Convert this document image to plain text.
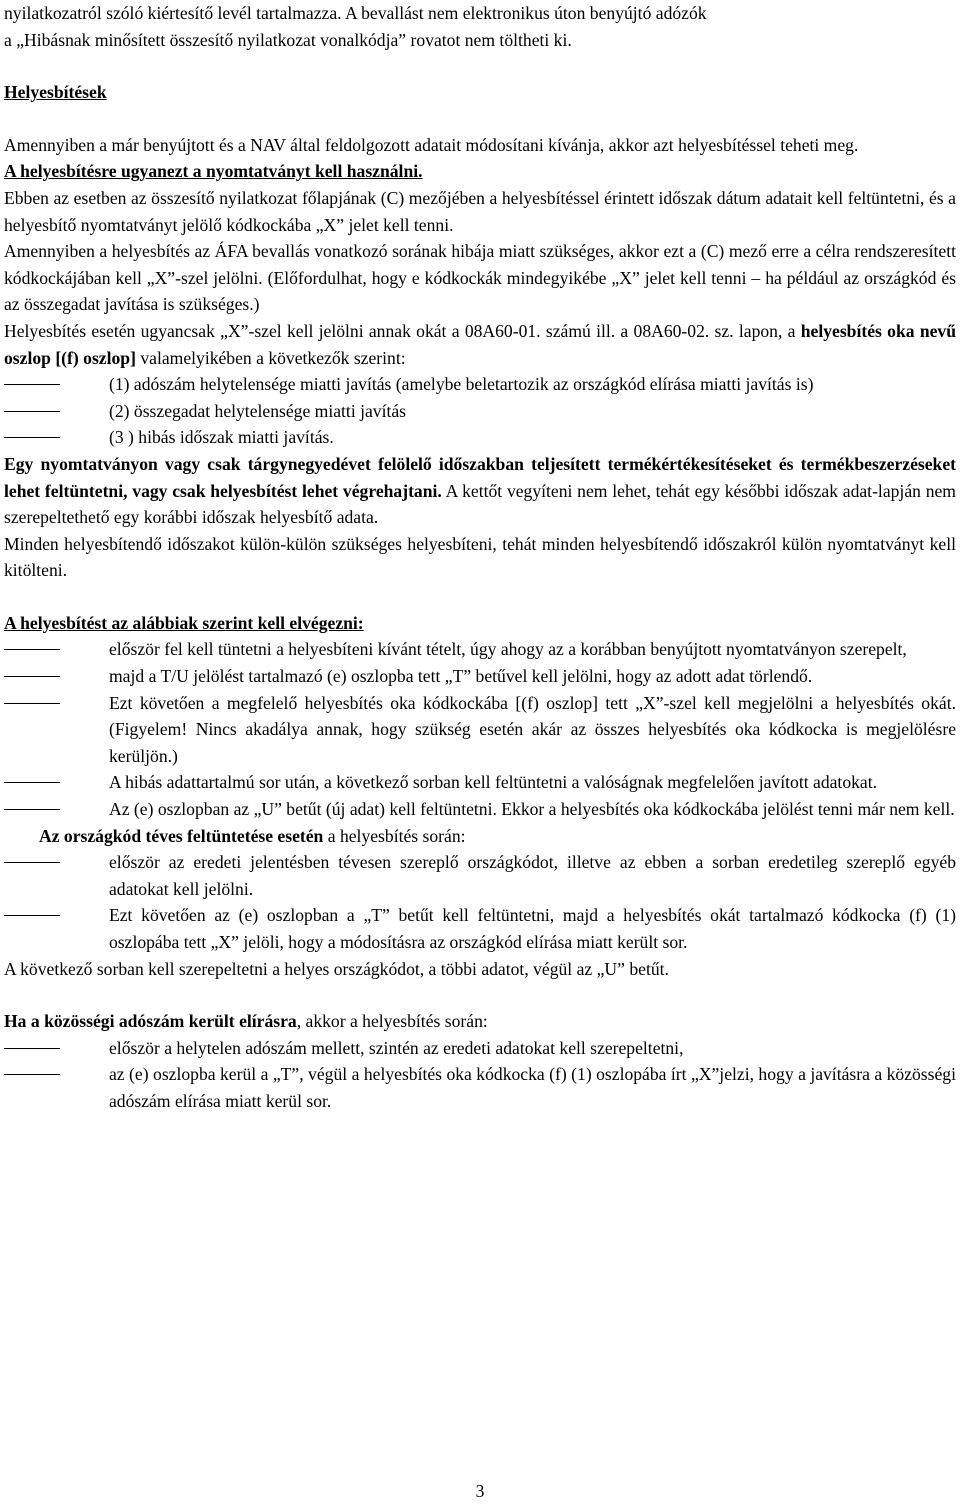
nyilatkozatról szóló kiértesítő levél tartalmazza. A bevallást nem elektronikus úton benyújtó adózók
a „Hibásnak minősített összesítő nyilatkozat vonalkódja” rovatot nem töltheti ki.

Helyesbítések

Amennyiben a már benyújtott és a NAV által feldolgozott adatait módosítani kívánja, akkor azt helyesbítéssel teheti meg.
A helyesbítésre ugyanezt a nyomtatványt kell használni.

Ebben az esetben az összesítő nyilatkozat főlapjának (C) mezőjében a helyesbítéssel érintett időszak dátum adatait kell feltüntetni, és a helyesbítő nyomtatványt jelölő kódkockába „X” jelet kell tenni.

Amennyiben a helyesbítés az ÁFA bevallás vonatkozó sorának hibája miatt szükséges, akkor ezt a (C) mező erre a célra rendszeresített kódkockájában kell „X”-szel jelölni. (Előfordulhat, hogy e kódkockák mindegyikébe „X” jelet kell tenni – ha például az országkód és az összegadat javítása is szükséges.)

Helyesbítés esetén ugyancsak „X”-szel kell jelölni annak okát a 08A60-01. számú ill. a 08A60-02. sz. lapon, a helyesbítés oka nevű oszlop [(f) oszlop] valamelyikében a következők szerint:

(1) adószám helytelensége miatti javítás (amelybe beletartozik az országkód elírása miatti javítás is)
(2) összegadat helytelensége miatti javítás
(3 ) hibás időszak miatti javítás.

Egy nyomtatványon vagy csak tárgynegyedévet felölelő időszakban teljesített termékértékesítéseket és termékbeszerzéseket lehet feltüntetni, vagy csak helyesbítést lehet végrehajtani. A kettőt vegyíteni nem lehet, tehát egy későbbi időszak adat-lapján nem szerepeltethető egy korábbi időszak helyesbítő adata.

Minden helyesbítendő időszakot külön-külön szükséges helyesbíteni, tehát minden helyesbítendő időszakról külön nyomtatványt kell kitölteni.

A helyesbítést az alábbiak szerint kell elvégezni:

először fel kell tüntetni a helyesbíteni kívánt tételt, úgy ahogy az a korábban benyújtott nyomtatványon szerepelt,
majd a T/U jelölést tartalmazó (e) oszlopba tett „T” betűvel kell jelölni, hogy az adott adat törlendő.
Ezt követően a megfelelő helyesbítés oka kódkockába [(f) oszlop] tett „X”-szel kell megjelölni a helyesbítés okát. (Figyelem! Nincs akadálya annak, hogy szükség esetén akár az összes helyesbítés oka kódkocka is megjelölésre kerüljön.)
A hibás adattartalmú sor után, a következő sorban kell feltüntetni a valóságnak megfelelően javított adatokat.
Az (e) oszlopban az „U” betűt (új adat) kell feltüntetni. Ekkor a helyesbítés oka kódkockába jelölést tenni már nem kell.

Az országkód téves feltüntetése esetén a helyesbítés során:

először az eredeti jelentésben tévesen szereplő országkódot, illetve az ebben a sorban eredetileg szereplő egyéb adatokat kell jelölni.
Ezt követően az (e) oszlopban a „T” betűt kell feltüntetni, majd a helyesbítés okát tartalmazó kódkocka (f) (1) oszlopába tett „X” jelöli, hogy a módosításra az országkód elírása miatt került sor.

A következő sorban kell szerepeltetni a helyes országkódot, a többi adatot, végül az „U” betűt.

Ha a közösségi adószám került elírásra, akkor a helyesbítés során:

először a helytelen adószám mellett, szintén az eredeti adatokat kell szerepeltetni,
az (e) oszlopba kerül a „T”, végül a helyesbítés oka kódkocka (f) (1) oszlopába írt „X”jelzi, hogy a javításra a közösségi adószám elírása miatt kerül sor.
3
